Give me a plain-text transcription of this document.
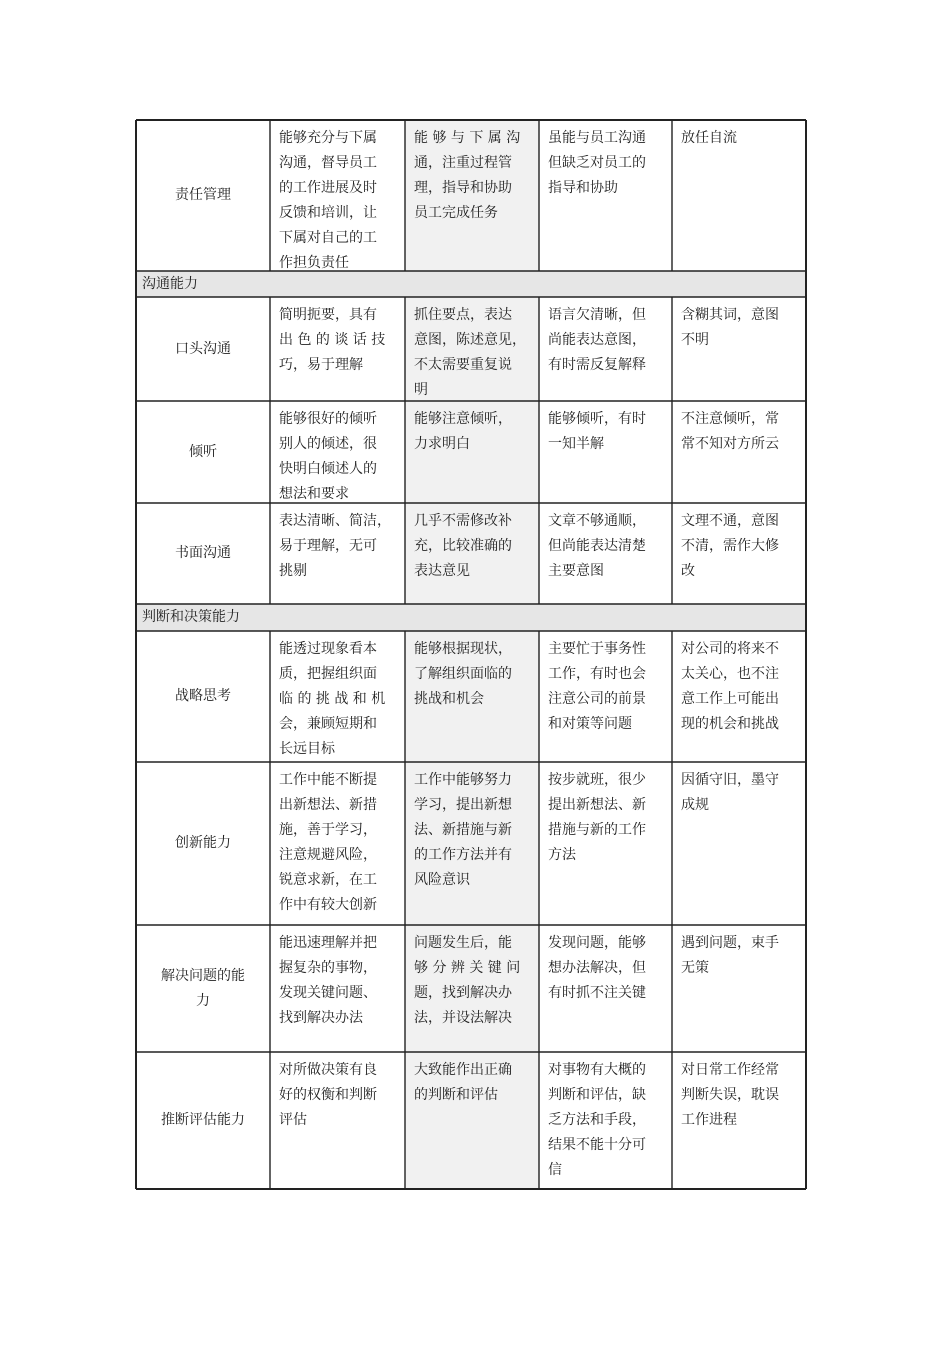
责任管理
能够充分与下属
沟通，督导员工
的工作进展及时
反馈和培训，让
下属对自己的工
作担负责任
能 够 与 下 属 沟
通，注重过程管
理，指导和协助
员工完成任务
虽能与员工沟通
但缺乏对员工的
指导和协助
放任自流
沟通能力
口头沟通
简明扼要，具有
出 色 的 谈 话 技
巧，易于理解
抓住要点，表达
意图，陈述意见，
不太需要重复说
明
语言欠清晰，但
尚能表达意图，
有时需反复解释
含糊其词，意图
不明
倾听
能够很好的倾听
别人的倾述，很
快明白倾述人的
想法和要求
能够注意倾听，
力求明白
能够倾听，有时
一知半解
不注意倾听，常
常不知对方所云
书面沟通
表达清晰、简洁，
易于理解，无可
挑剔
几乎不需修改补
充，比较准确的
表达意见
文章不够通顺，
但尚能表达清楚
主要意图
文理不通，意图
不清，需作大修
改
判断和决策能力
战略思考
能透过现象看本
质，把握组织面
临 的 挑 战 和 机
会，兼顾短期和
长远目标
能够根据现状，
了解组织面临的
挑战和机会
主要忙于事务性
工作，有时也会
注意公司的前景
和对策等问题
对公司的将来不
太关心，也不注
意工作上可能出
现的机会和挑战
创新能力
工作中能不断提
出新想法、新措
施，善于学习，
注意规避风险，
锐意求新，在工
作中有较大创新
工作中能够努力
学习，提出新想
法、新措施与新
的工作方法并有
风险意识
按步就班，很少
提出新想法、新
措施与新的工作
方法
因循守旧，墨守
成规
解决问题的能
力
能迅速理解并把
握复杂的事物，
发现关键问题、
找到解决办法
问题发生后，能
够 分 辨 关 键 问
题，找到解决办
法，并设法解决
发现问题，能够
想办法解决，但
有时抓不注关键
遇到问题，束手
无策
推断评估能力
对所做决策有良
好的权衡和判断
评估
大致能作出正确
的判断和评估
对事物有大概的
判断和评估，缺
乏方法和手段，
结果不能十分可
信
对日常工作经常
判断失误，耽误
工作进程
